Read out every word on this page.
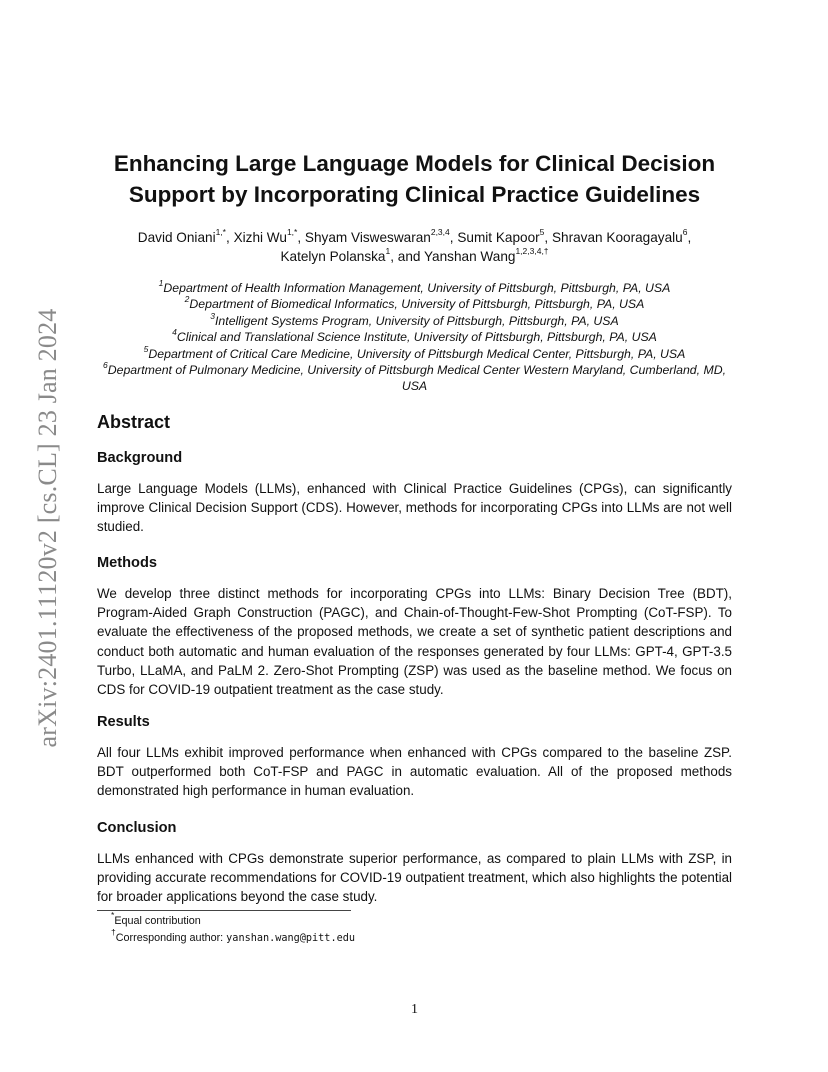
arXiv:2401.11120v2 [cs.CL] 23 Jan 2024
Enhancing Large Language Models for Clinical Decision
Support by Incorporating Clinical Practice Guidelines
David Oniani$^{1,*}$, Xizhi $Wu^{1,*}$, Shyam Visweswaran$^{2,3,4}$, Sumit Kapoor$^5$, Shravan Kooragayalu$^6$,
Katelyn Polanska$^1$, and Yanshan Wang$^{1,2,3,4,\dagger}$
$^1$Department of Health Information Management, University of Pittsburgh, Pittsburgh, PA, USA
$^2$Department of Biomedical Informatics, University of Pittsburgh, Pittsburgh, PA, USA
$^3$Intelligent Systems Program, University of Pittsburgh, Pittsburgh, PA, USA
$^4$Clinical and Translational Science Institute, University of Pittsburgh, Pittsburgh, PA, USA
$^5$Department of Critical Care Medicine, University of Pittsburgh Medical Center, Pittsburgh, PA, USA
$^6$Department of Pulmonary Medicine, University of Pittsburgh Medical Center Western Maryland, Cumberland, MD, USA
Abstract
Background
Large Language Models (LLMs), enhanced with Clinical Practice Guidelines (CPGs), can significantly improve Clinical Decision Support (CDS). However, methods for incorporating CPGs into LLMs are not well studied.
Methods
We develop three distinct methods for incorporating CPGs into LLMs: Binary Decision Tree (BDT), Program-Aided Graph Construction (PAGC), and Chain-of-Thought-Few-Shot Prompting (CoT-FSP). To evaluate the effectiveness of the proposed methods, we create a set of synthetic patient descriptions and conduct both automatic and human evaluation of the responses generated by four LLMs: GPT-4, GPT-3.5 Turbo, LLaMA, and PaLM 2. Zero-Shot Prompting (ZSP) was used as the baseline method. We focus on CDS for COVID-19 outpatient treatment as the case study.
Results
All four LLMs exhibit improved performance when enhanced with CPGs compared to the baseline ZSP. BDT outperformed both CoT-FSP and PAGC in automatic evaluation. All of the proposed methods demonstrated high performance in human evaluation.
Conclusion
LLMs enhanced with CPGs demonstrate superior performance, as compared to plain LLMs with ZSP, in providing accurate recommendations for COVID-19 outpatient treatment, which also highlights the potential for broader applications beyond the case study.
*Equal contribution
†Corresponding author: yanshan.wang@pitt.edu
1
